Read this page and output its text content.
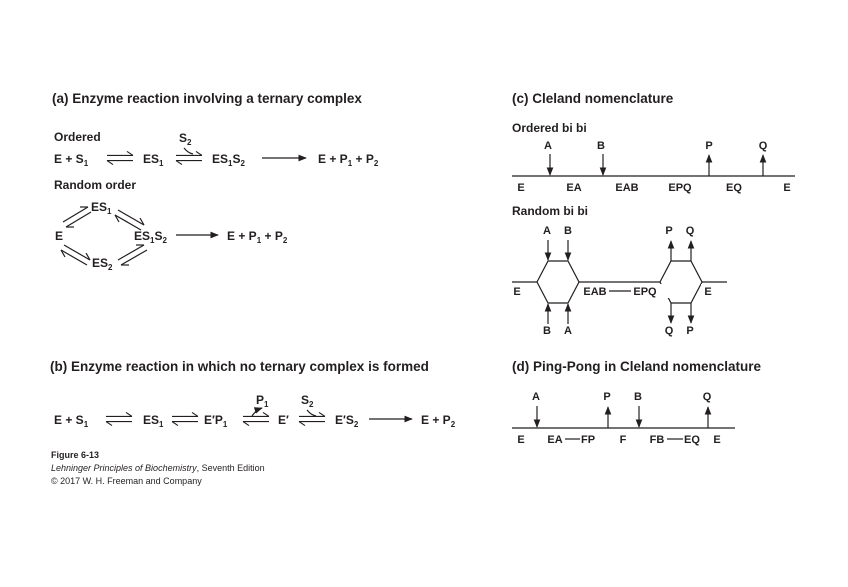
(a) Enzyme reaction involving a ternary complex
Ordered
$E + S_1$	$ES_1$
$S_2$
$ES_1S_2$	$E + P_1 + P_2$
Random order
$ES_1$
E
$ES_2$
$ES_1S_2$	$E + P_1 + P_2$
(b) Enzyme reaction in which no ternary complex is formed
$E + S_1$	$ES_1$	$E'P_1$
$P_1$
E′
$S_2$
$E'S_2$	$E + P_2$
(c) Cleland nomenclature
Ordered bi bi
A	B	P	Q
E	EA	EAB	EPQ	EQ	E
Random bi bi
A B	P Q
B A	Q P
E	EAB EPQ	E
(d) Ping-Pong in Cleland nomenclature
A	P B	Q
E EA FP F FB EQ E
Figure 6-13
Lehninger Principles of Biochemistry, Seventh Edition
© 2017 W. H. Freeman and Company
